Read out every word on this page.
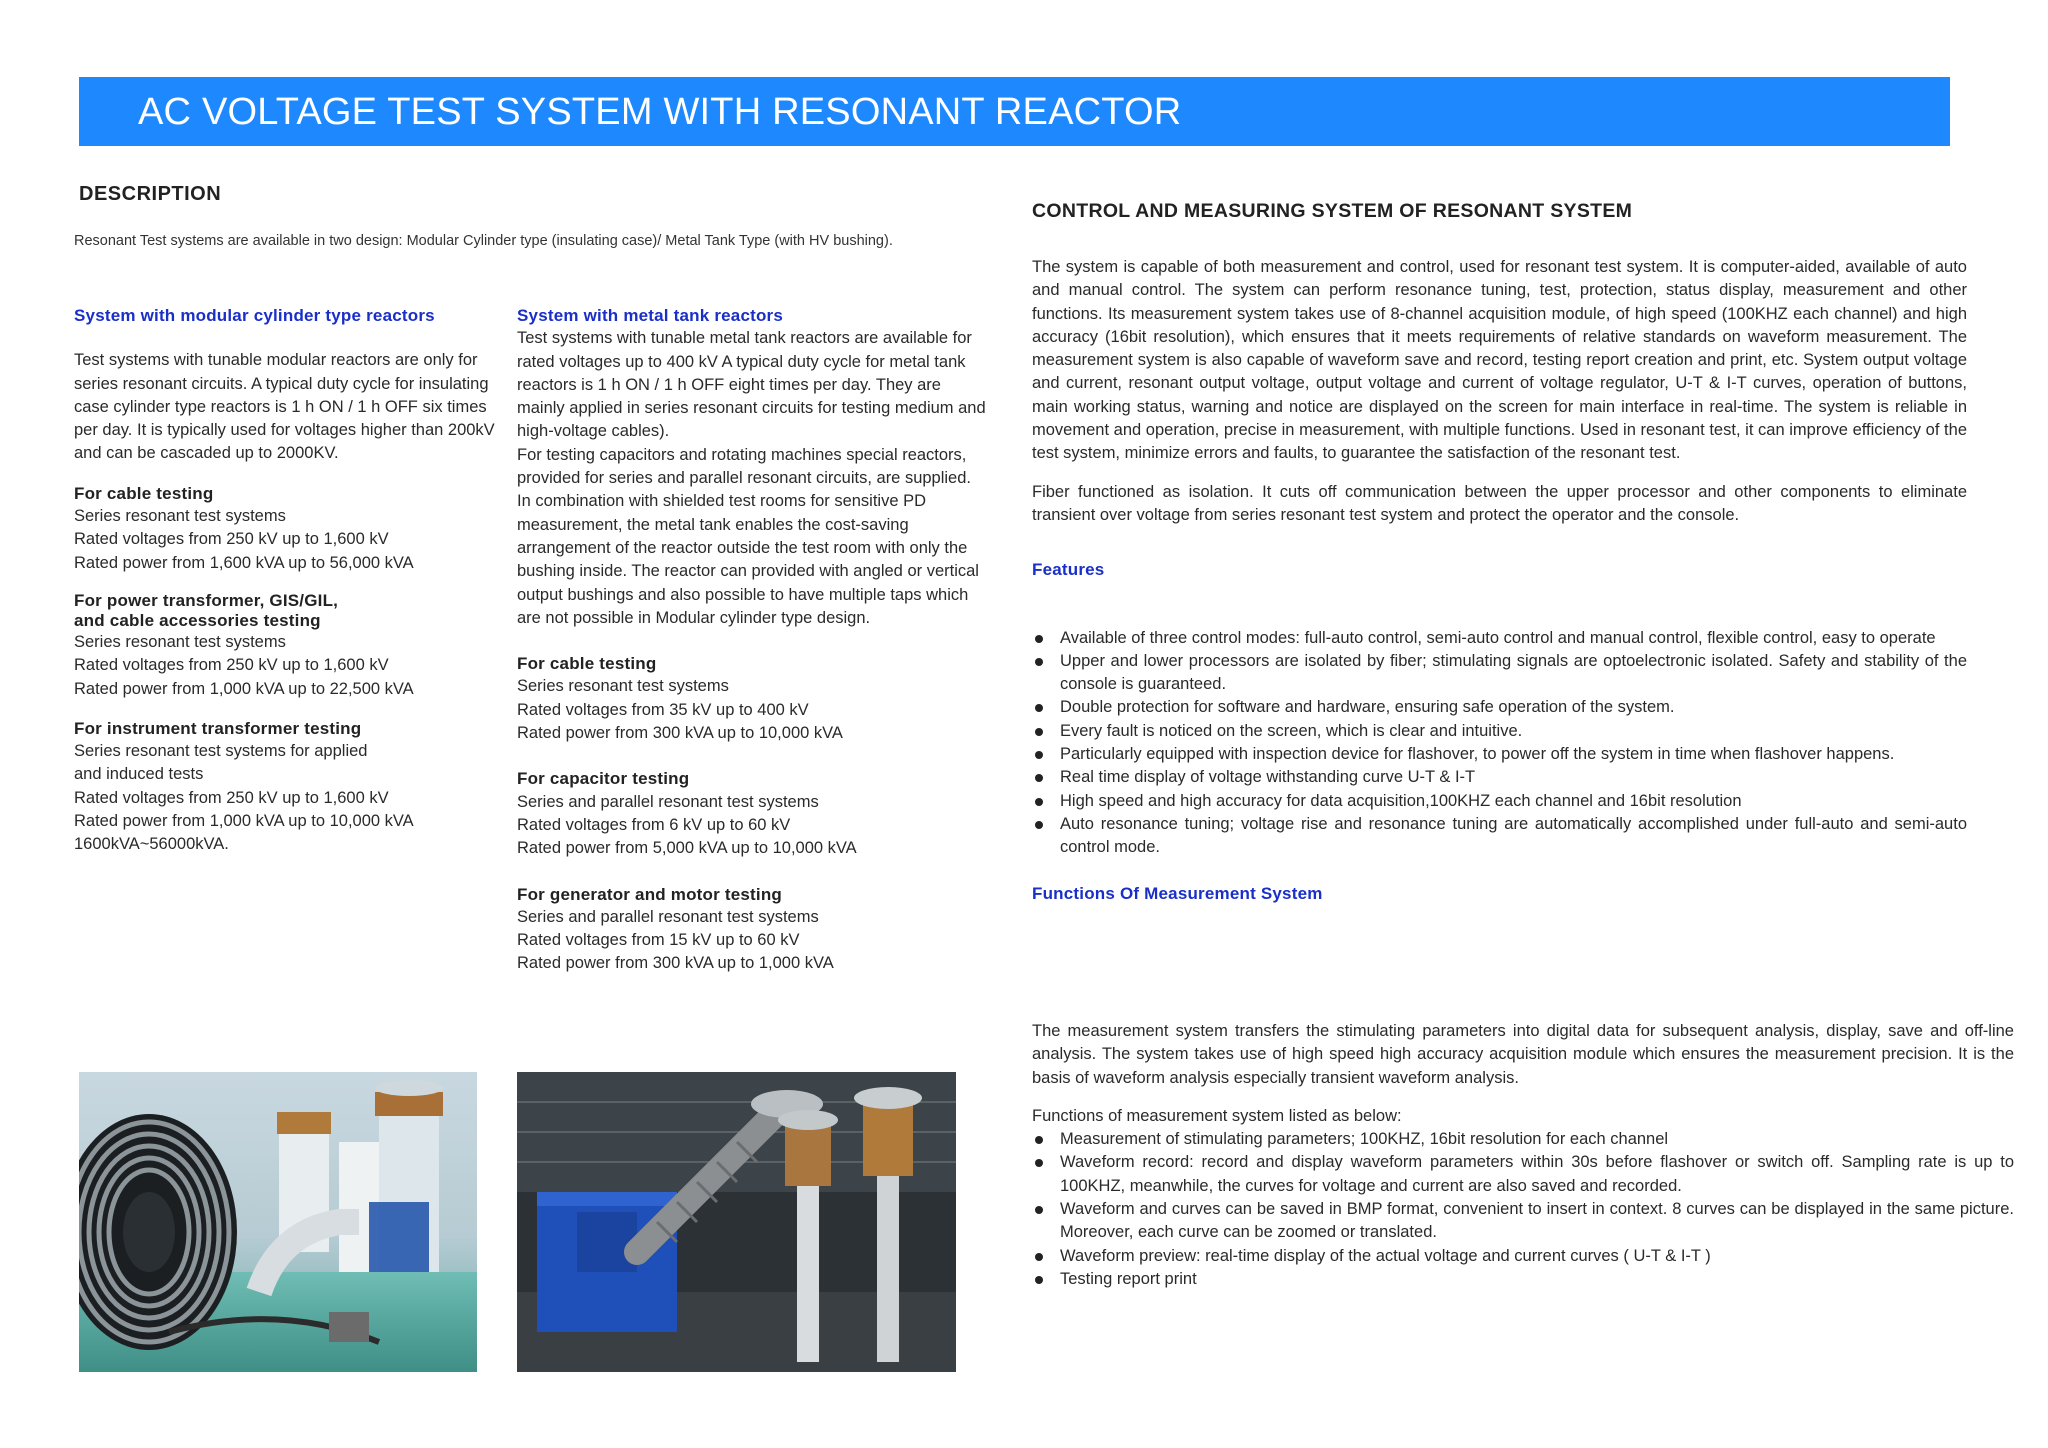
AC VOLTAGE TEST SYSTEM WITH RESONANT REACTOR
DESCRIPTION
Resonant Test systems are available in two design: Modular Cylinder type (insulating case)/ Metal Tank Type (with HV bushing).

System with modular cylinder type reactors

Test systems with tunable modular reactors are only for series resonant circuits. A typical duty cycle for insulating case cylinder type reactors is 1 h ON / 1 h OFF six times per day. It is typically used for voltages higher than 200kV and can be cascaded up to 2000KV.

For cable testing

Series resonant test systems

Rated voltages from 250 kV up to 1,600 kV

Rated power from 1,600 kVA up to 56,000 kVA

For power transformer, GIS/GIL,

and cable accessories testing

Series resonant test systems

Rated voltages from 250 kV up to 1,600 kV

Rated power from 1,000 kVA up to 22,500 kVA

For instrument transformer testing

Series resonant test systems for applied

and induced tests

Rated voltages from 250 kV up to 1,600 kV

Rated power from 1,000 kVA up to 10,000 kVA

1600kVA~56000kVA.

System with metal tank reactors

Test systems with tunable metal tank reactors are available for rated voltages up to 400 kV A typical duty cycle for metal tank reactors is 1 h ON / 1 h OFF eight times per day. They are mainly applied in series resonant circuits for testing medium and high-voltage cables).

For testing capacitors and rotating machines special reactors, provided for series and parallel resonant circuits, are supplied. In combination with shielded test rooms for sensitive PD measurement, the metal tank enables the cost-saving arrangement of the reactor outside the test room with only the bushing inside. The reactor can provided with angled or vertical output bushings and also possible to have multiple taps which are not possible in Modular cylinder type design.

For cable testing

Series resonant test systems

Rated voltages from 35 kV up to 400 kV

Rated power from 300 kVA up to 10,000 kVA

For capacitor testing

Series and parallel resonant test systems

Rated voltages from 6 kV up to 60 kV

Rated power from 5,000 kVA up to 10,000 kVA

For generator and motor testing

Series and parallel resonant test systems

Rated voltages from 15 kV up to 60 kV

Rated power from 300 kVA up to 1,000 kVA

CONTROL AND MEASURING SYSTEM OF RESONANT SYSTEM

The system is capable of both measurement and control, used for resonant test system. It is computer-aided, available of auto and manual control. The system can perform resonance tuning, test, protection, status display, measurement and other functions. Its measurement system takes use of 8-channel acquisition module, of high speed (100KHZ each channel) and high accuracy (16bit resolution), which ensures that it meets requirements of relative standards on waveform measurement. The measurement system is also capable of waveform save and record, testing report creation and print, etc. System output voltage and current, resonant output voltage, output voltage and current of voltage regulator, U-T & I-T curves, operation of buttons, main working status, warning and notice are displayed on the screen for main interface in real-time. The system is reliable in movement and operation, precise in measurement, with multiple functions. Used in resonant test, it can improve efficiency of the test system, minimize errors and faults, to guarantee the satisfaction of the resonant test.

Fiber functioned as isolation. It cuts off communication between the upper processor and other components to eliminate transient over voltage from series resonant test system and protect the operator and the console.

Features

Available of three control modes: full-auto control, semi-auto control and manual control, flexible control, easy to operate
Upper and lower processors are isolated by fiber; stimulating signals are optoelectronic isolated. Safety and stability of the console is guaranteed.
Double protection for software and hardware, ensuring safe operation of the system.
Every fault is noticed on the screen, which is clear and intuitive.
Particularly equipped with inspection device for flashover, to power off the system in time when flashover happens.
Real time display of voltage withstanding curve U-T & I-T
High speed and high accuracy for data acquisition,100KHZ each channel and 16bit resolution
Auto resonance tuning; voltage rise and resonance tuning are automatically accomplished under full-auto and semi-auto control mode.

Functions Of Measurement System

The measurement system transfers the stimulating parameters into digital data for subsequent analysis, display, save and off-line analysis. The system takes use of high speed high accuracy acquisition module which ensures the measurement precision. It is the basis of waveform analysis especially transient waveform analysis.

Functions of measurement system listed as below:

Measurement of stimulating parameters; 100KHZ, 16bit resolution for each channel
Waveform record: record and display waveform parameters within 30s before flashover or switch off. Sampling rate is up to 100KHZ, meanwhile, the curves for voltage and current are also saved and recorded.
Waveform and curves can be saved in BMP format, convenient to insert in context. 8 curves can be displayed in the same picture. Moreover, each curve can be zoomed or translated.
Waveform preview: real-time display of the actual voltage and current curves ( U-T & I-T )
Testing report print
